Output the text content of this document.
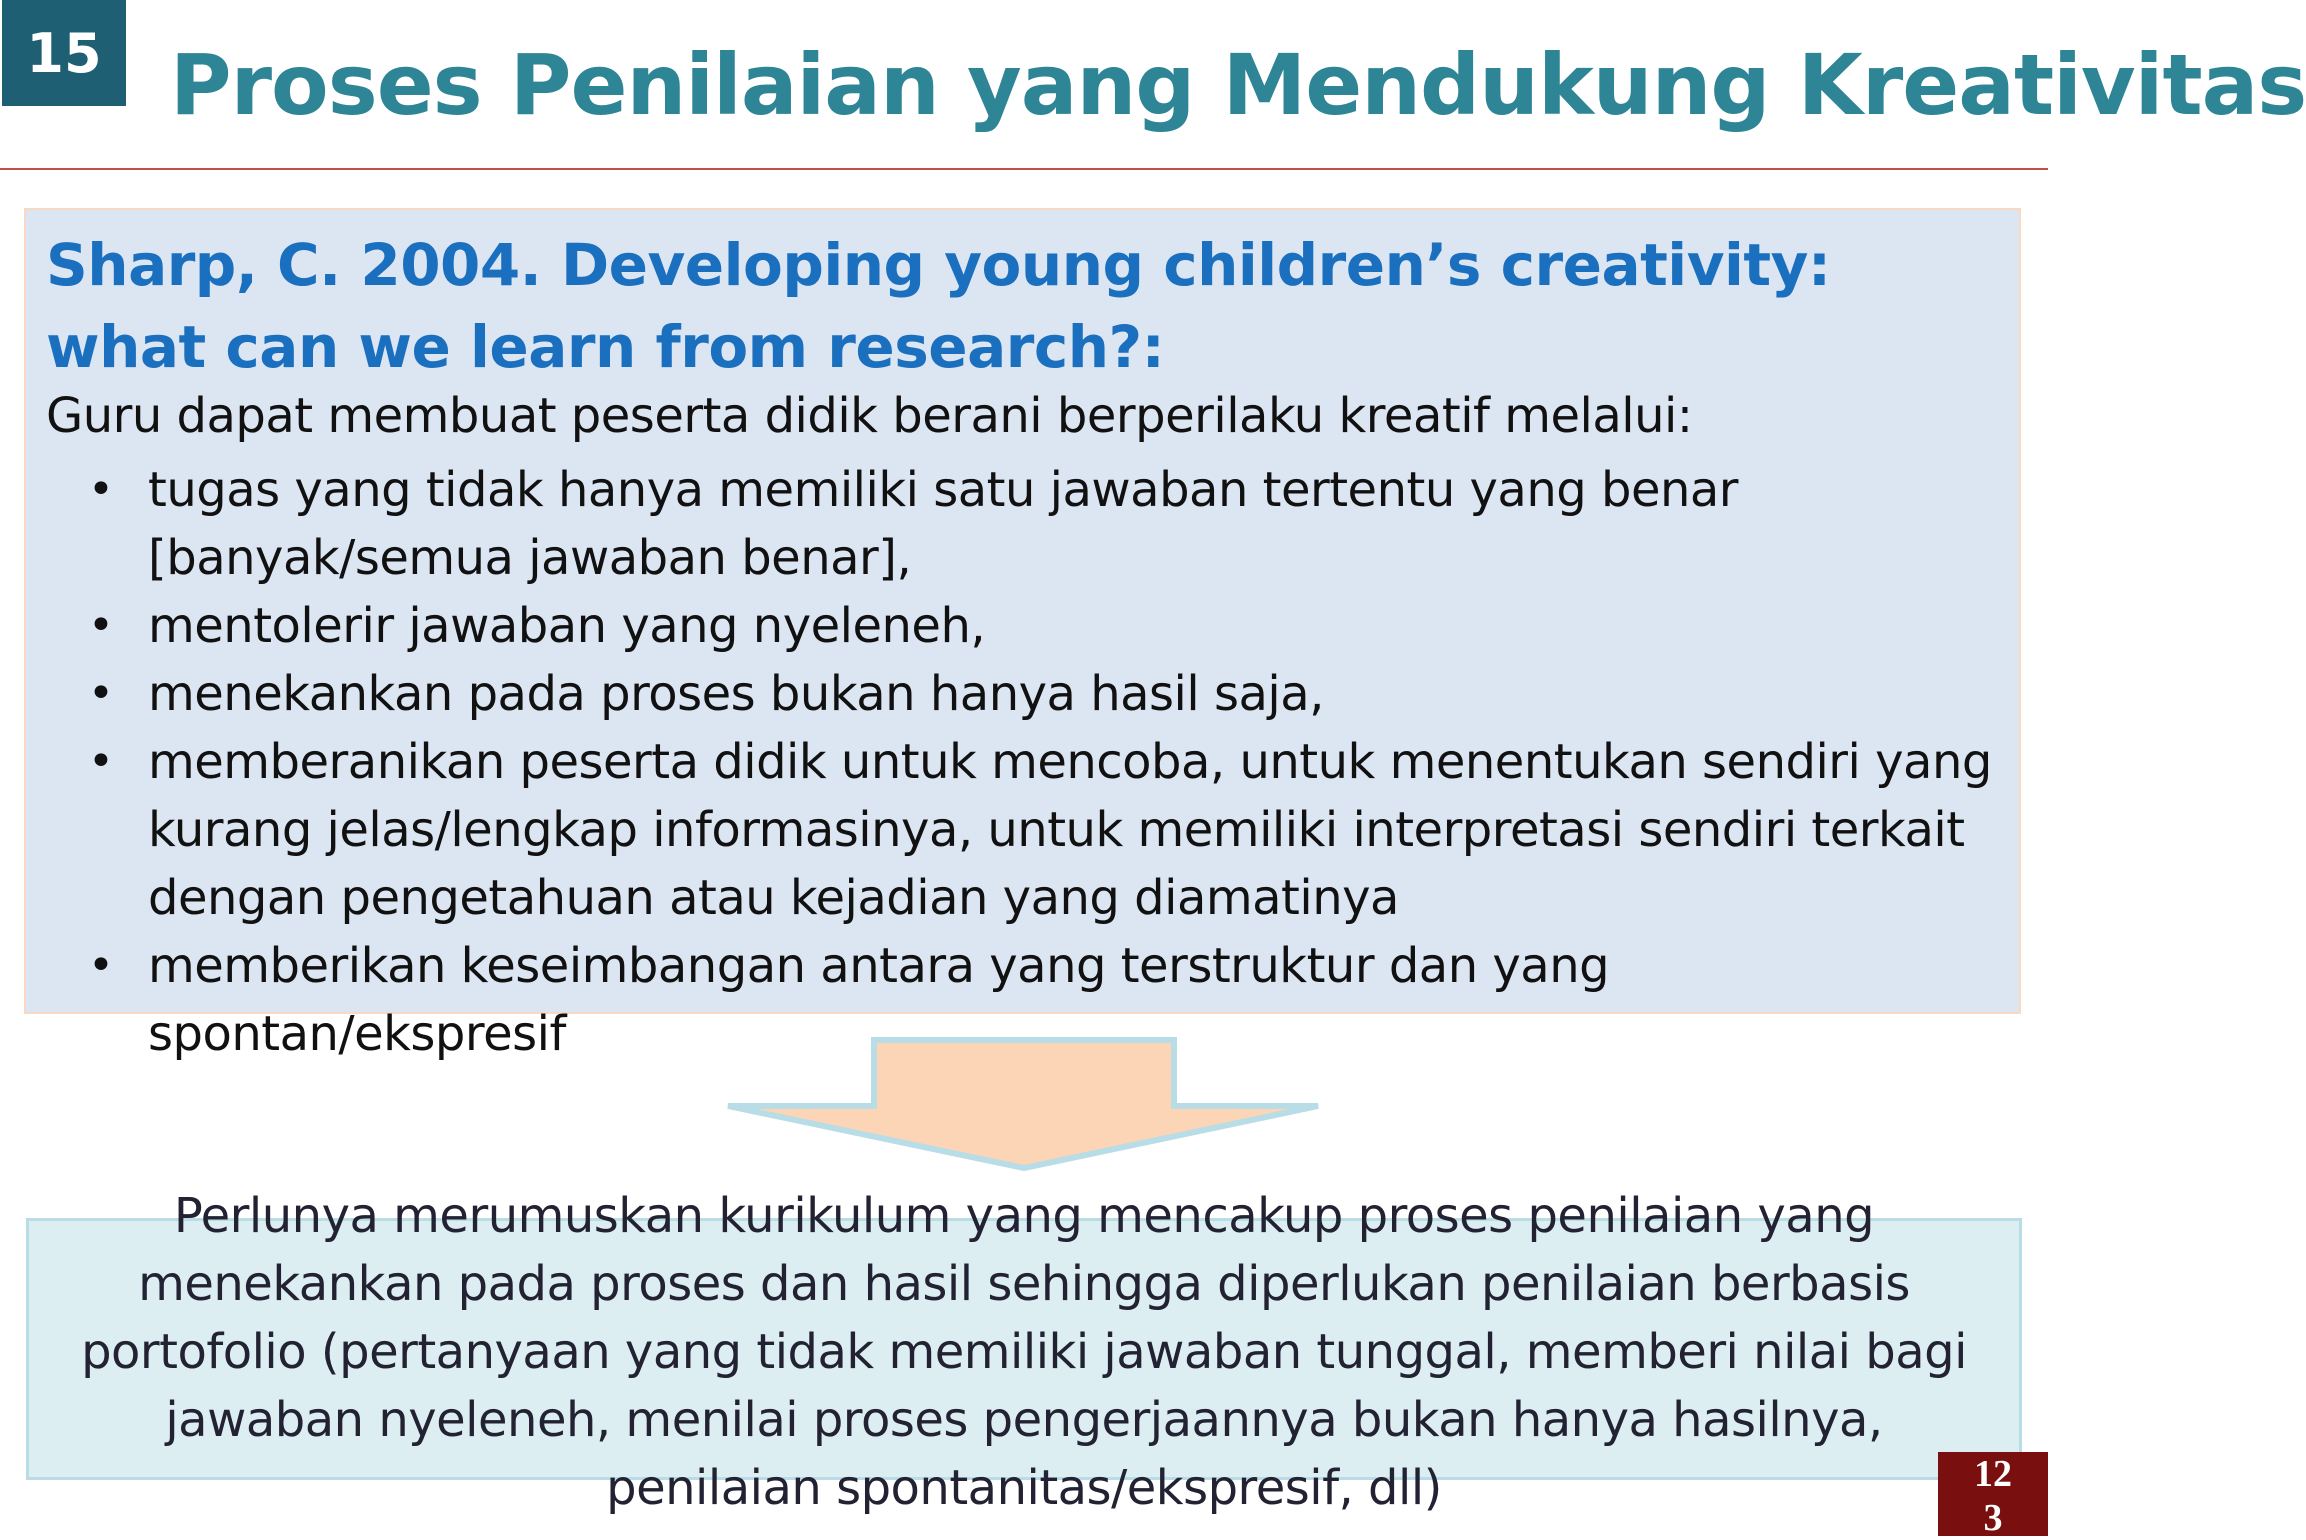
15 Proses Penilaian yang Mendukung Kreativitas
Sharp, C. 2004. Developing young children’s creativity: what can we learn from research?:
Guru dapat membuat peserta didik berani berperilaku kreatif melalui:
• tugas yang tidak hanya memiliki satu jawaban tertentu yang benar [banyak/semua jawaban benar],
• mentolerir jawaban yang nyeleneh,
• menekankan pada proses bukan hanya hasil saja,
• memberanikan peserta didik untuk mencoba, untuk menentukan sendiri yang kurang jelas/lengkap informasinya, untuk memiliki interpretasi sendiri terkait dengan pengetahuan atau kejadian yang diamatinya
• memberikan keseimbangan antara yang terstruktur dan yang spontan/ekspresif
Perlunya merumuskan kurikulum yang mencakup proses penilaian yang menekankan pada proses dan hasil sehingga diperlukan penilaian berbasis portofolio (pertanyaan yang tidak memiliki jawaban tunggal, memberi nilai bagi jawaban nyeleneh, menilai proses pengerjaannya bukan hanya hasilnya, penilaian spontanitas/ekspresif, dll)	12
3
